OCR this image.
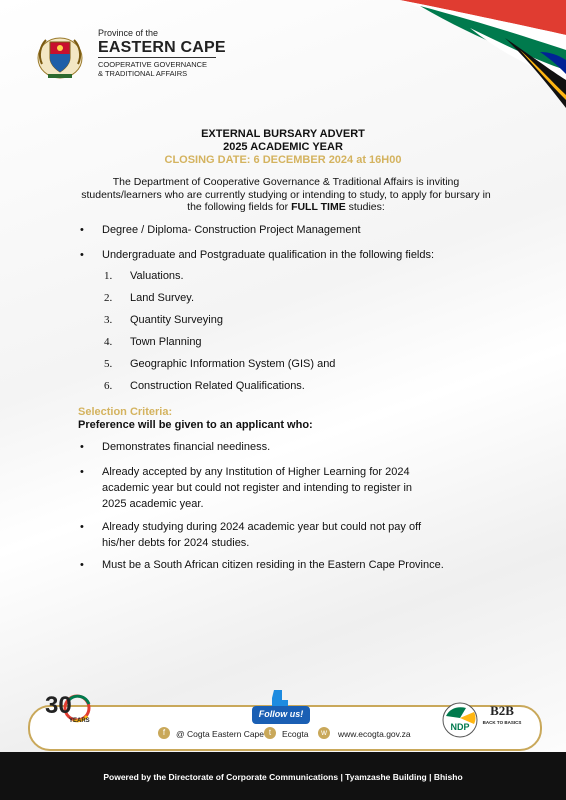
Province of the
EASTERN CAPE
COOPERATIVE GOVERNANCE
& TRADITIONAL AFFAIRS
EXTERNAL BURSARY ADVERT
2025 ACADEMIC YEAR
CLOSING DATE: 6 DECEMBER 2024 at 16H00
The Department of Cooperative Governance & Traditional Affairs is inviting students/learners who are currently studying or intending to study, to apply for bursary in the following fields for FULL TIME studies:
• Degree / Diploma- Construction Project Management
• Undergraduate and Postgraduate qualification in the following fields:
1. Valuations.
2. Land Survey.
3. Quantity Surveying
4. Town Planning
5. Geographic Information System (GIS) and
6. Construction Related Qualifications.
Selection Criteria:
Preference will be given to an applicant who:
• Demonstrates financial neediness.
• Already accepted by any Institution of Higher Learning for 2024
academic year but could not register and intending to register in
2025 academic year.
• Already studying during 2024 academic year but could not pay off
his/her debts for 2024 studies.
• Must be a South African citizen residing in the Eastern Cape Province.
30
YEARS
Follow us!
f	@ Cogta Eastern Cape t	Ecogta	w	www.ecogta.gov.za
NDP
B2B
BACK TO BASICS
Powered by the Directorate of Corporate Communications | Tyamzashe Building | Bhisho
